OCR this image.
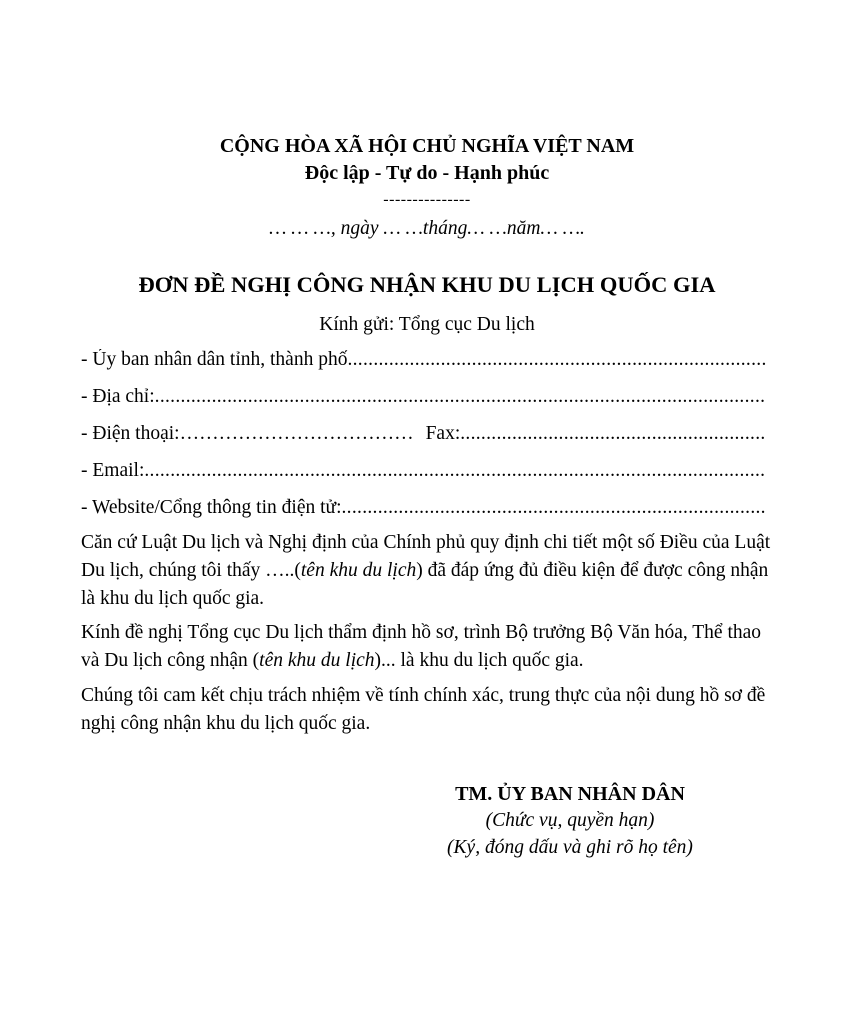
CỘNG HÒA XÃ HỘI CHỦ NGHĨA VIỆT NAM
Độc lập - Tự do - Hạnh phúc
---------------
… … …, ngày … …tháng… …năm… ….
ĐƠN ĐỀ NGHỊ CÔNG NHẬN KHU DU LỊCH QUỐC GIA
Kính gửi: Tổng cục Du lịch
- Ủy ban nhân dân tỉnh, thành phố
.....
- Địa chỉ:
.....
- Điện thoại: ……………………………………………………………………………………………………	Fax:
.....
- Email:
.....
- Website/Cổng thông tin điện tử:
.....
Căn cứ Luật Du lịch và Nghị định của Chính phủ quy định chi tiết một số Điều của Luật Du lịch, chúng tôi thấy …..(tên khu du lịch) đã đáp ứng đủ điều kiện để được công nhận là khu du lịch quốc gia.
Kính đề nghị Tổng cục Du lịch thẩm định hồ sơ, trình Bộ trưởng Bộ Văn hóa, Thể thao và Du lịch công nhận (tên khu du lịch)... là khu du lịch quốc gia.
Chúng tôi cam kết chịu trách nhiệm về tính chính xác, trung thực của nội dung hồ sơ đề nghị công nhận khu du lịch quốc gia.
TM. ỦY BAN NHÂN DÂN
(Chức vụ, quyền hạn)
(Ký, đóng dấu và ghi rõ họ tên)
